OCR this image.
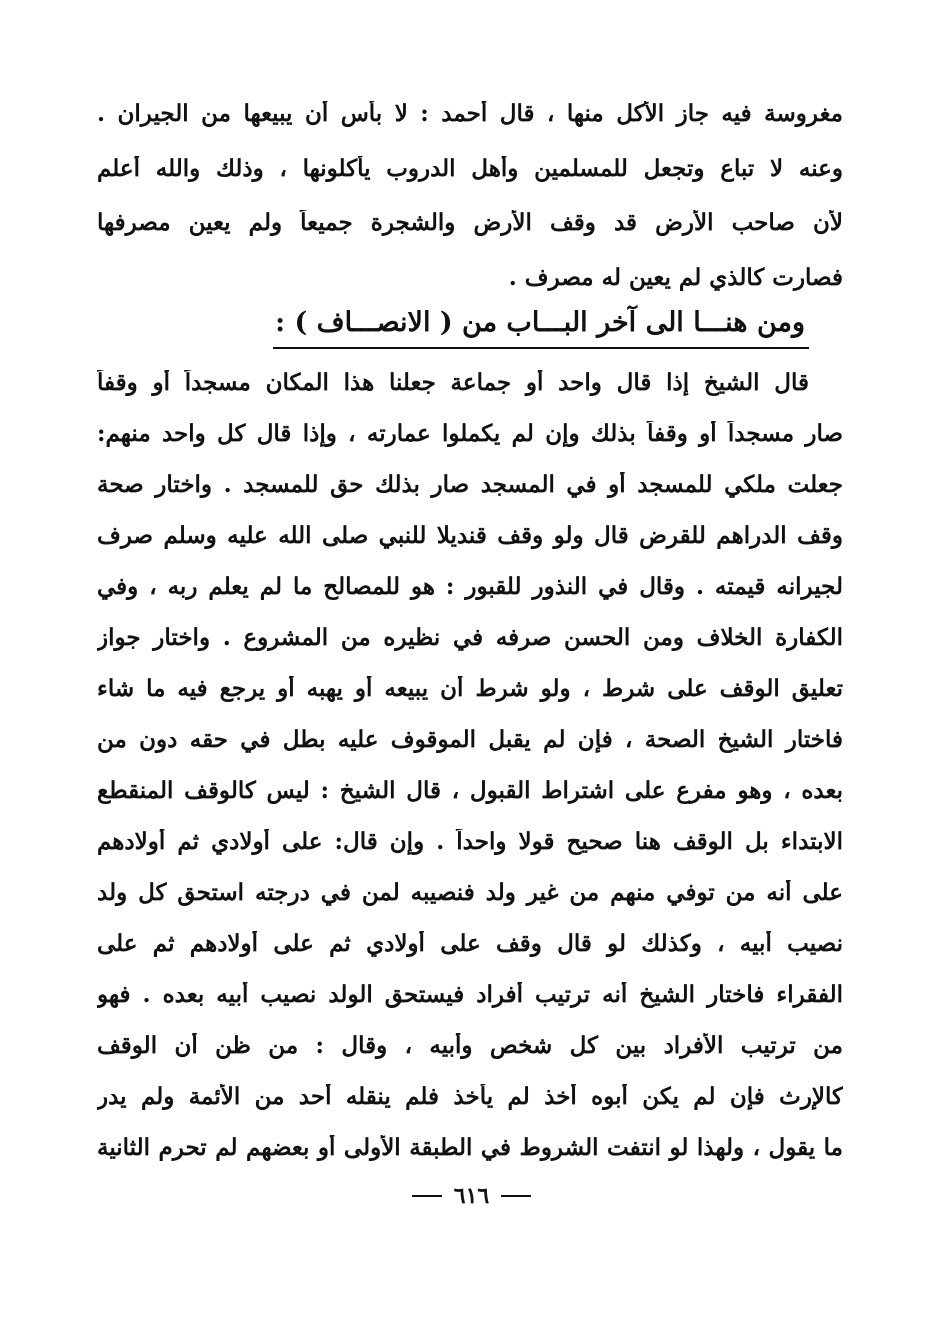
مغروسة فيه جاز الأكل منها ، قال أحمد : لا بأس أن يبيعها من الجيران .
وعنه لا تباع وتجعل للمسلمين وأهل الدروب يأكلونها ، وذلك والله أعلم
لأن صاحب الأرض قد وقف الأرض والشجرة جميعاً ولم يعين مصرفها
فصارت كالذي لم يعين له مصرف .
ومن هنـــا الى آخر البـــاب من ( الانصـــاف ) :
قال الشيخ إذا قال واحد أو جماعة جعلنا هذا المكان مسجداً أو وقفاً
صار مسجداً أو وقفاً بذلك وإن لم يكملوا عمارته ، وإذا قال كل واحد منهم:
جعلت ملكي للمسجد أو في المسجد صار بذلك حق للمسجد . واختار صحة
وقف الدراهم للقرض قال ولو وقف قنديلا للنبي صلى الله عليه وسلم صرف
لجيرانه قيمته . وقال في النذور للقبور : هو للمصالح ما لم يعلم ربه ، وفي
الكفارة الخلاف ومن الحسن صرفه في نظيره من المشروع . واختار جواز
تعليق الوقف على شرط ، ولو شرط أن يبيعه أو يهبه أو يرجع فيه ما شاء
فاختار الشيخ الصحة ، فإن لم يقبل الموقوف عليه بطل في حقه دون من
بعده ، وهو مفرع على اشتراط القبول ، قال الشيخ : ليس كالوقف المنقطع
الابتداء بل الوقف هنا صحيح قولا واحداً . وإن قال: على أولادي ثم أولادهم
على أنه من توفي منهم من غير ولد فنصيبه لمن في درجته استحق كل ولد
نصيب أبيه ، وكذلك لو قال وقف على أولادي ثم على أولادهم ثم على
الفقراء فاختار الشيخ أنه ترتيب أفراد فيستحق الولد نصيب أبيه بعده . فهو
من ترتيب الأفراد بين كل شخص وأبيه ، وقال : من ظن أن الوقف
كالإرث فإن لم يكن أبوه أخذ لم يأخذ فلم ينقله أحد من الأئمة ولم يدر
ما يقول ، ولهذا لو انتفت الشروط في الطبقة الأولى أو بعضهم لم تحرم الثانية
٦١٦
